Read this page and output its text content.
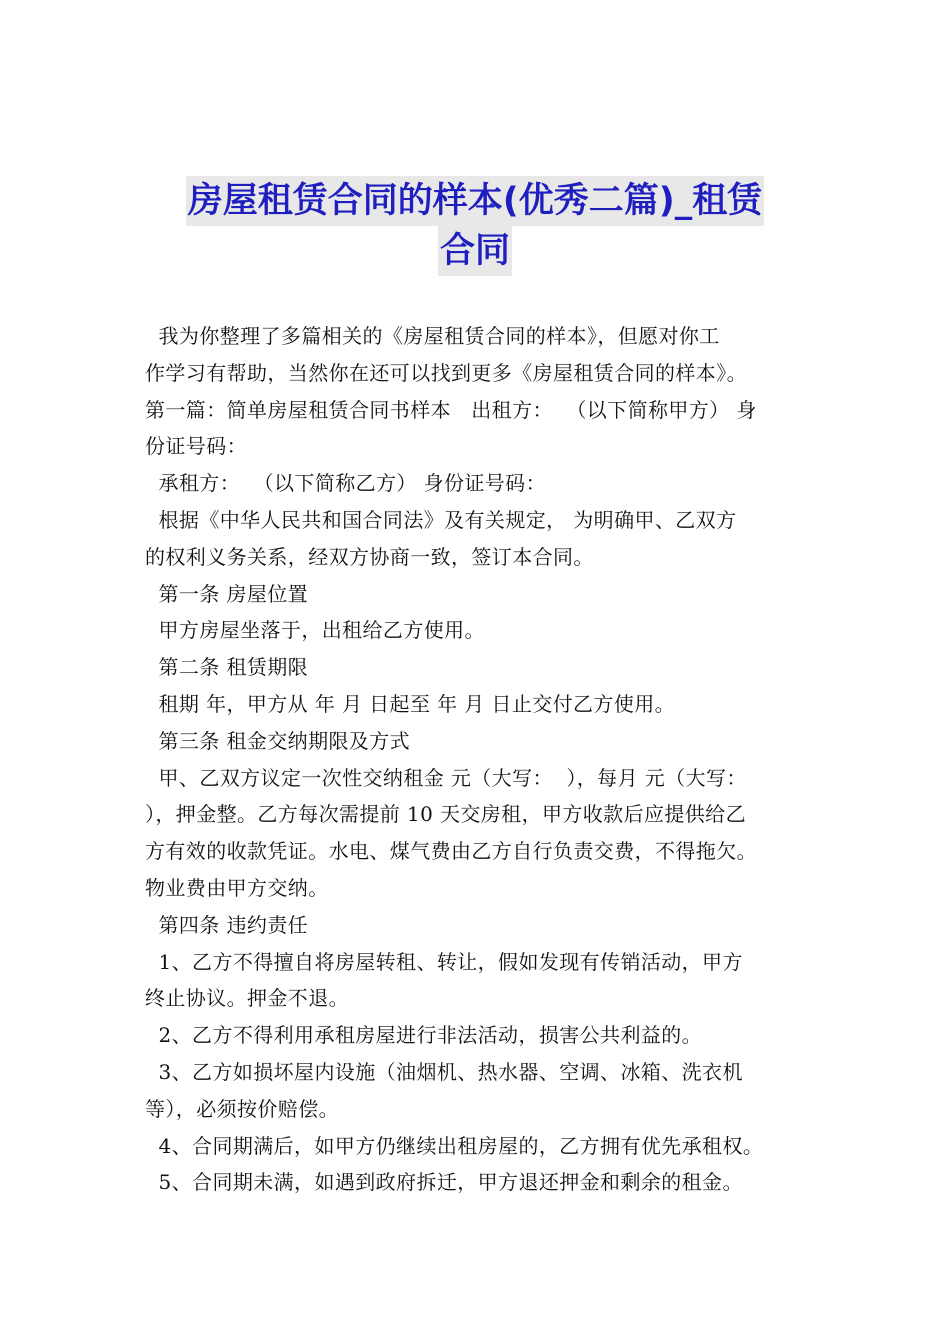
房屋租赁合同的样本(优秀二篇)_租赁
合同

我为你整理了多篇相关的《房屋租赁合同的样本》，但愿对你工

作学习有帮助，当然你在还可以找到更多《房屋租赁合同的样本》。

第一篇：简单房屋租赁合同书样本   出租方：  （以下简称甲方） 身

份证号码：

承租方：  （以下简称乙方） 身份证号码：

根据《中华人民共和国合同法》及有关规定， 为明确甲、乙双方

的权利义务关系，经双方协商一致，签订本合同。

第一条 房屋位置

甲方房屋坐落于，出租给乙方使用。

第二条 租赁期限

租期 年，甲方从 年 月 日起至 年 月 日止交付乙方使用。

第三条 租金交纳期限及方式

甲、乙双方议定一次性交纳租金 元（大写：  ），每月 元（大写：

），押金整。乙方每次需提前 10 天交房租，甲方收款后应提供给乙

方有效的收款凭证。水电、煤气费由乙方自行负责交费，不得拖欠。

物业费由甲方交纳。

第四条 违约责任

1、乙方不得擅自将房屋转租、转让，假如发现有传销活动，甲方

终止协议。押金不退。

2、乙方不得利用承租房屋进行非法活动，损害公共利益的。

3、乙方如损坏屋内设施（油烟机、热水器、空调、冰箱、洗衣机

等），必须按价赔偿。

4、合同期满后，如甲方仍继续出租房屋的，乙方拥有优先承租权。

5、合同期未满，如遇到政府拆迁，甲方退还押金和剩余的租金。
